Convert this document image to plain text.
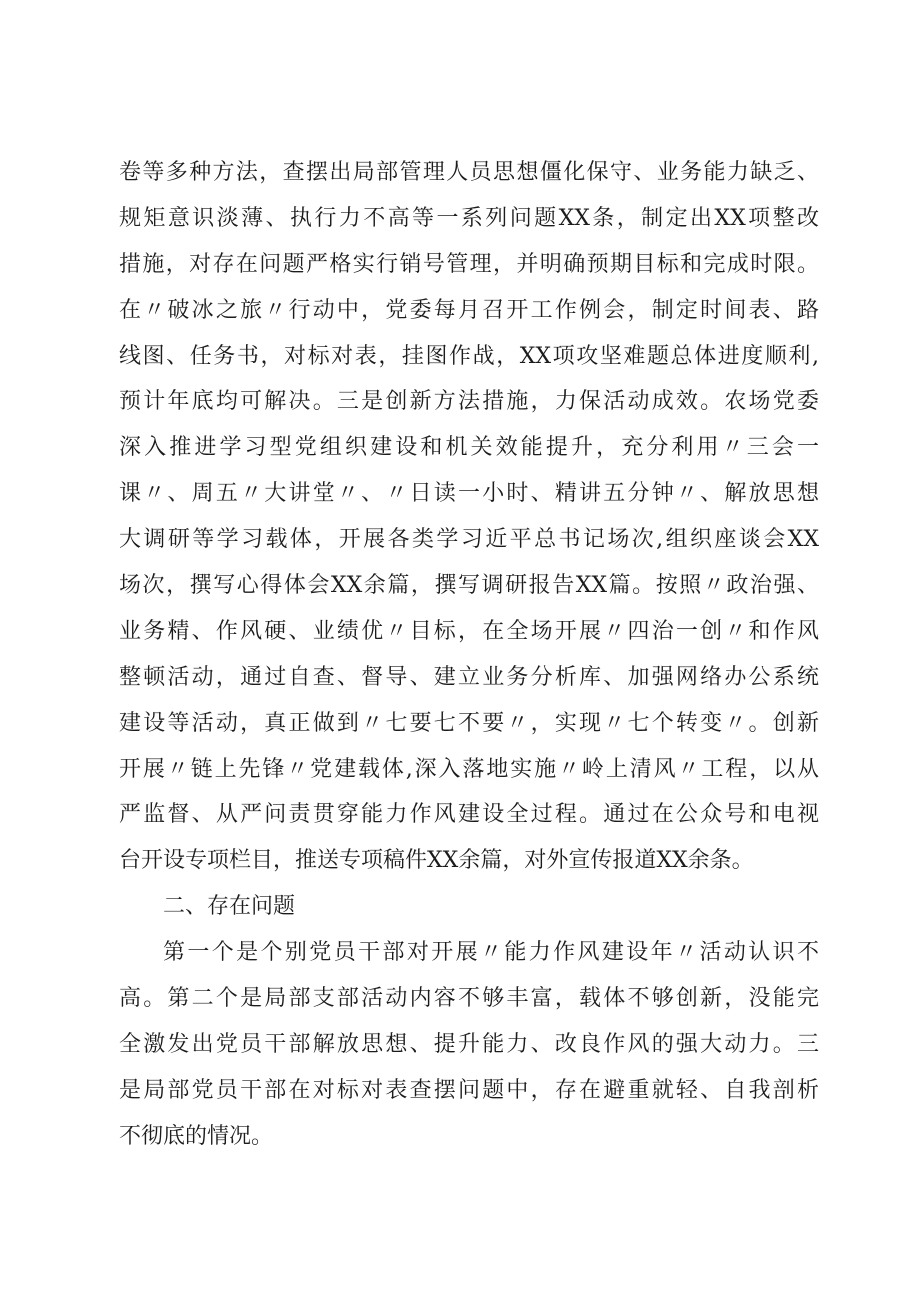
卷等多种方法，查摆出局部管理人员思想僵化保守、业务能力缺乏、
规矩意识淡薄、执行力不高等一系列问题XX条，制定出XX项整改
措施，对存在问题严格实行销号管理，并明确预期目标和完成时限。
在〃破冰之旅〃行动中，党委每月召开工作例会，制定时间表、路
线图、任务书，对标对表，挂图作战，XX项攻坚难题总体进度顺利,
预计年底均可解决。三是创新方法措施，力保活动成效。农场党委
深入推进学习型党组织建设和机关效能提升，充分利用〃三会一
课〃、周五〃大讲堂〃、〃日读一小时、精讲五分钟〃、解放思想
大调研等学习载体，开展各类学习近平总书记场次,组织座谈会XX
场次，撰写心得体会XX余篇，撰写调研报告XX篇。按照〃政治强、
业务精、作风硬、业绩优〃目标，在全场开展〃四治一创〃和作风
整顿活动，通过自查、督导、建立业务分析库、加强网络办公系统
建设等活动，真正做到〃七要七不要〃，实现〃七个转变〃。创新
开展〃链上先锋〃党建载体,深入落地实施〃岭上清风〃工程，以从
严监督、从严问责贯穿能力作风建设全过程。通过在公众号和电视
台开设专项栏目，推送专项稿件XX余篇，对外宣传报道XX余条。
二、存在问题
第一个是个别党员干部对开展〃能力作风建设年〃活动认识不
高。第二个是局部支部活动内容不够丰富，载体不够创新，没能完
全激发出党员干部解放思想、提升能力、改良作风的强大动力。三
是局部党员干部在对标对表查摆问题中，存在避重就轻、自我剖析
不彻底的情况。
